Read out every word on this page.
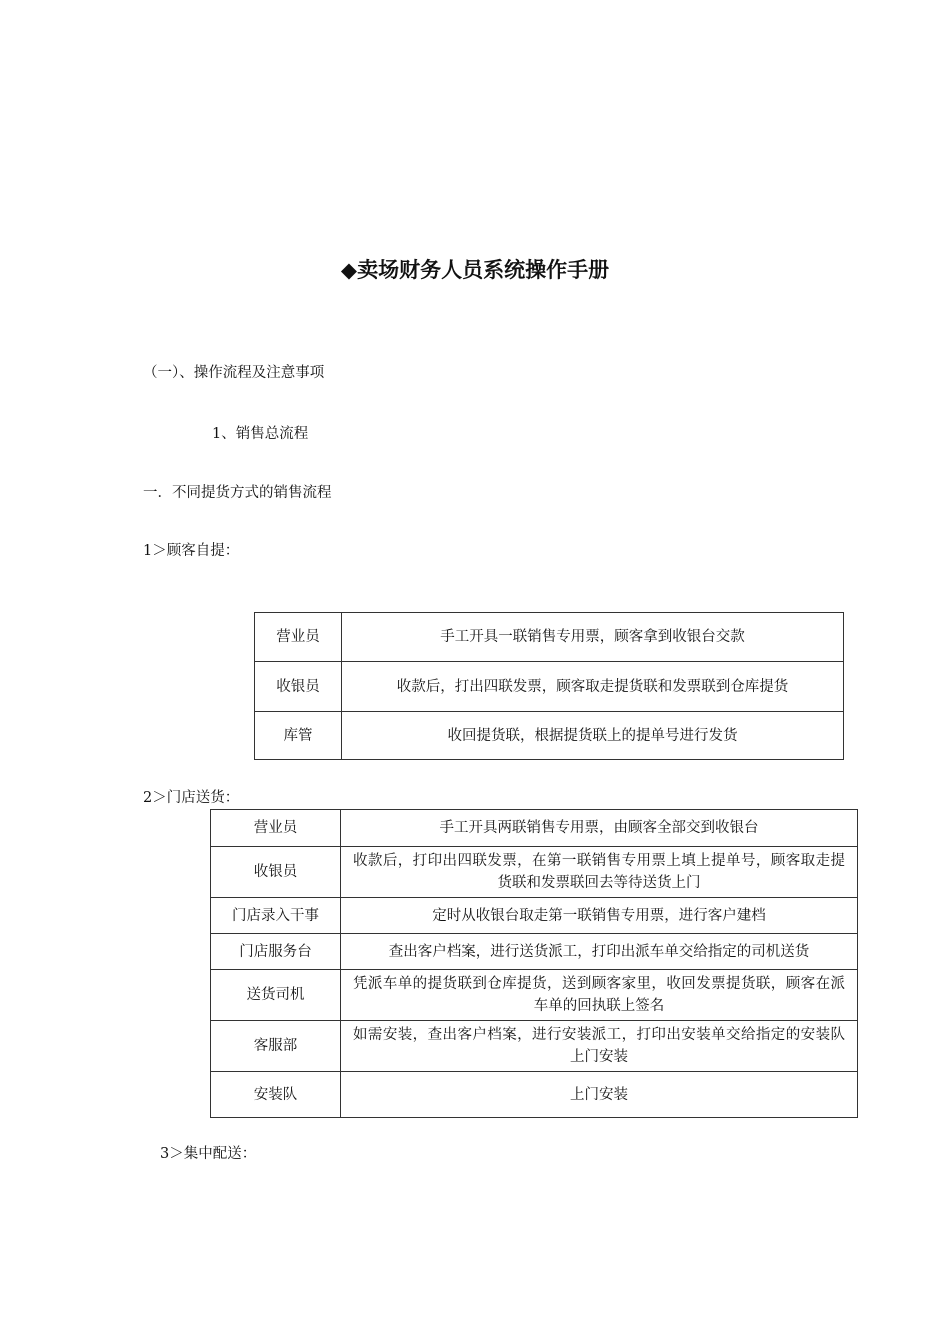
◆卖场财务人员系统操作手册
（一）、操作流程及注意事项
1、销售总流程
一．不同提货方式的销售流程
1＞顾客自提：
营业员	手工开具一联销售专用票，顾客拿到收银台交款
收银员	收款后，打出四联发票，顾客取走提货联和发票联到仓库提货
库管	收回提货联，根据提货联上的提单号进行发货
2＞门店送货：
营业员	手工开具两联销售专用票，由顾客全部交到收银台
收银员	收款后，打印出四联发票，在第一联销售专用票上填上提单号，顾客取走提货联和发票联回去等待送货上门
门店录入干事	定时从收银台取走第一联销售专用票，进行客户建档
门店服务台	查出客户档案，进行送货派工，打印出派车单交给指定的司机送货
送货司机	凭派车单的提货联到仓库提货，送到顾客家里，收回发票提货联，顾客在派车单的回执联上签名
客服部	如需安装，查出客户档案，进行安装派工，打印出安装单交给指定的安装队上门安装
安装队	上门安装
3＞集中配送：
